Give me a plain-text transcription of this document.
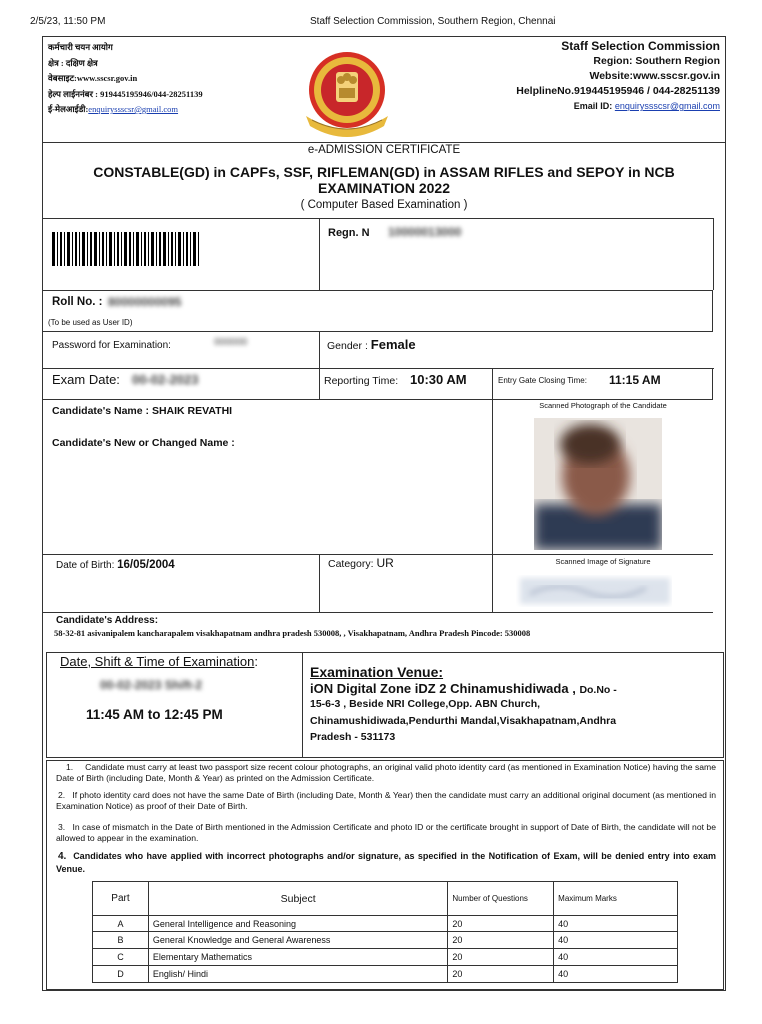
2/5/23, 11:50 PM	Staff Selection Commission, Southern Region, Chennai
कर्मचारी चयन आयोग
क्षेत्र : दक्षिण क्षेत्र
वेबसाइट:www.sscsr.gov.in
हेल्प लाईननंबर : 919445195946/044-28251139
ई-मेलआईडी:enquiryssscsr@gmail.com
Staff Selection Commission
Region: Southern Region
Website:www.sscsr.gov.in
HelplineNo.919445195946 / 044-28251139
Email ID: enquiryssscsr@gmail.com
e-ADMISSION CERTIFICATE
CONSTABLE(GD) in CAPFs, SSF, RIFLEMAN(GD) in ASSAM RIFLES and SEPOY in NCB
EXAMINATION 2022
( Computer Based Examination )
Regn. N 10000013000
Roll No. : 80000000095
(To be used as User ID)
Password for Examination:	000000	Gender : Female
Exam Date: 00-02-2023	Reporting Time: 10:30 AM	Entry Gate Closing Time: 11:15 AM
Candidate's Name : SHAIK REVATHI
Candidate's New or Changed Name :
Scanned Photograph of the Candidate
Date of Birth: 16/05/2004	Category: UR	Scanned Image of Signature
Candidate's Address:
58-32-81 asivanipalem kancharapalem visakhapatnam andhra pradesh 530008, , Visakhapatnam, Andhra Pradesh Pincode: 530008
Date, Shift & Time of Examination:
00-02-2023 Shift-2
11:45 AM to 12:45 PM
Examination Venue:
iON Digital Zone iDZ 2 Chinamushidiwada , Do.No -
15-6-3 , Beside NRI College,Opp. ABN Church,
Chinamushidiwada,Pendurthi Mandal,Visakhapatnam,Andhra
Pradesh - 531173
1. Candidate must carry at least two passport size recent colour photographs, an original valid photo identity card (as mentioned in Examination Notice) having the same Date of Birth (including Date, Month & Year) as printed on the Admission Certificate.
2. If photo identity card does not have the same Date of Birth (including Date, Month & Year) then the candidate must carry an additional original document (as mentioned in Examination Notice) as proof of their Date of Birth.
3. In case of mismatch in the Date of Birth mentioned in the Admission Certificate and photo ID or the certificate brought in support of Date of Birth, the candidate will not be allowed to appear in the examination.
4. Candidates who have applied with incorrect photographs and/or signature, as specified in the Notification of Exam, will be denied entry into exam Venue.
Part	Subject	Number of Questions	Maximum Marks
A	General Intelligence and Reasoning	20	40
B	General Knowledge and General Awareness	20	40
C	Elementary Mathematics	20	40
D	English/ Hindi	20	40
